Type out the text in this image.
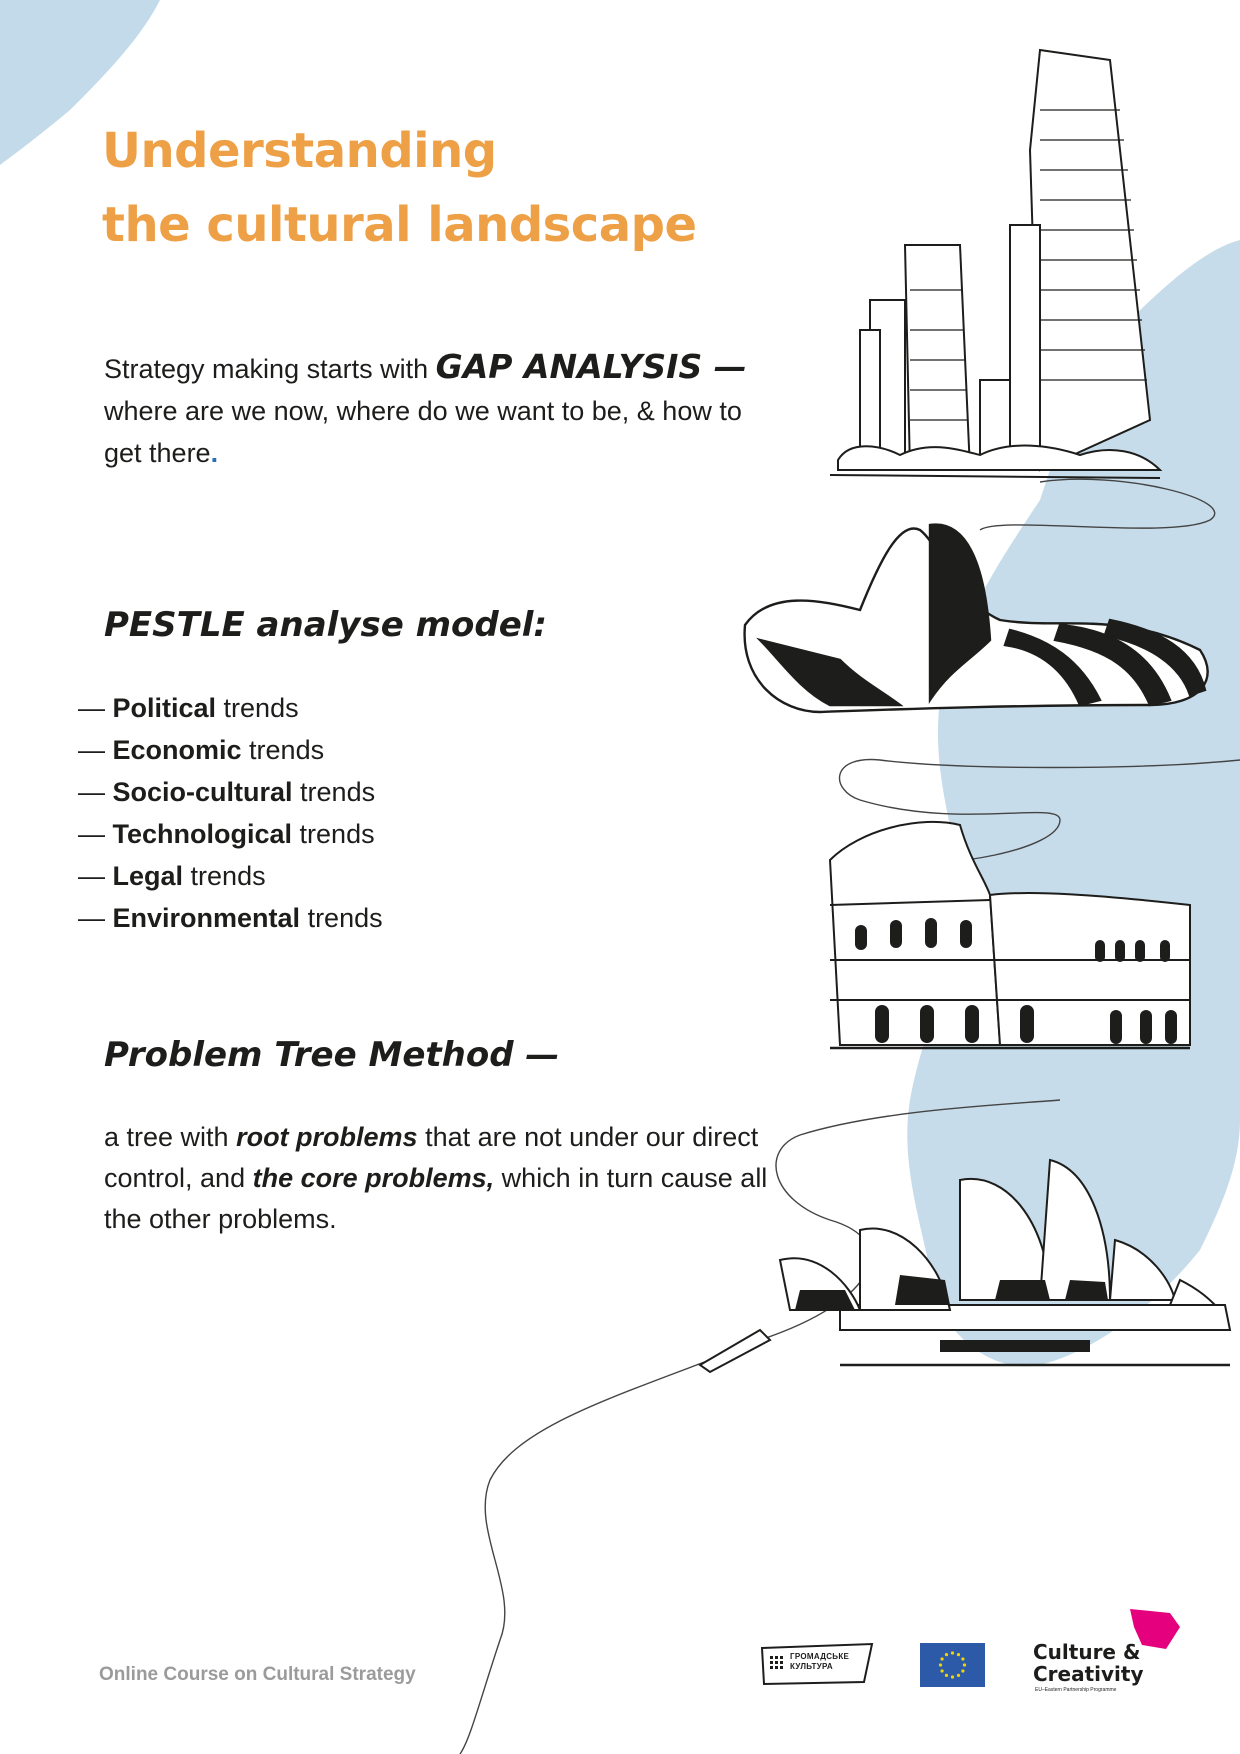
Understanding
the cultural landscape

Strategy making starts with GAP ANALYSIS —
where are we now, where do we want to be, & how to get there.

PESTLE analyse model:
— Political trends
— Economic trends
— Socio-cultural trends
— Technological trends
— Legal trends
— Environmental trends
Problem Tree Method —

a tree with root problems that are not under our direct control, and the core problems, which in turn cause all the other problems.

Online Course on Cultural Strategy

ГРОМАДСЬКЕ
КУЛЬТУРА
Culture &
Creativity
EU–Eastern Partnership Programme
